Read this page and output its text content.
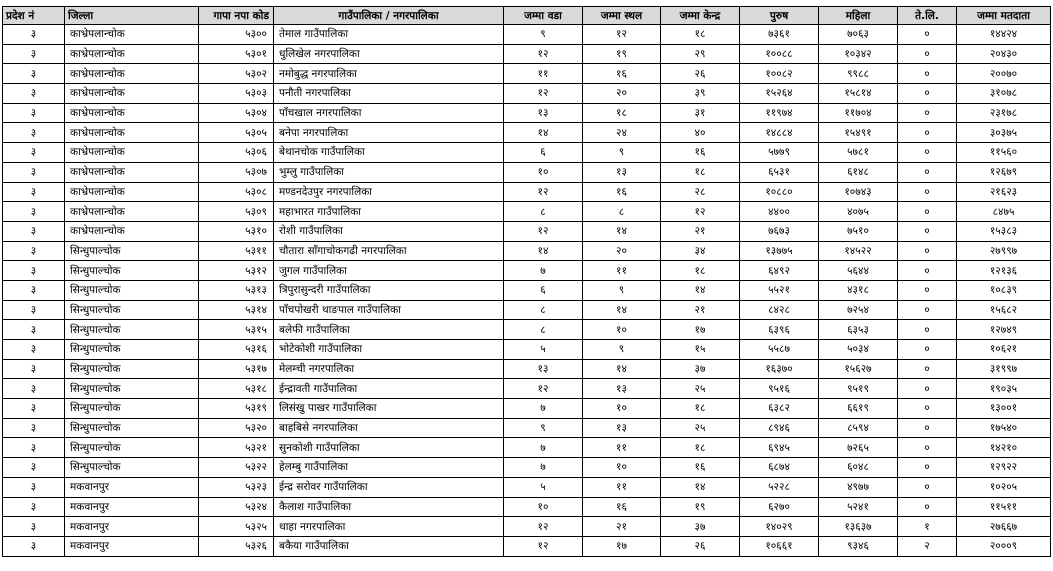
प्रदेश नं	जिल्ला	गापा नपा कोड	गाउँपालिका / नगरपालिका	जम्मा वडा	जम्मा स्थल	जम्मा केन्द्र	पुरुष	महिला	ते.लि.	जम्मा मतदाता
३	काभ्रेपलान्चोक	५३००	तेमाल गाउँपालिका	९	१२	१८	७३६१	७०६३	०	१४४२४
३	काभ्रेपलान्चोक	५३०१	धुलिखेल नगरपालिका	१२	१९	२९	१००८८	१०३४२	०	२०४३०
३	काभ्रेपलान्चोक	५३०२	नमोबुद्ध नगरपालिका	११	१६	२६	१००८२	९९८८	०	२००७०
३	काभ्रेपलान्चोक	५३०३	पनौती नगरपालिका	१२	२०	३९	१५२६४	१५८१४	०	३१०७८
३	काभ्रेपलान्चोक	५३०४	पाँचखाल नगरपालिका	१३	१८	३१	११९७४	११७०४	०	२३१७८
३	काभ्रेपलान्चोक	५३०५	बनेपा नगरपालिका	१४	२४	४०	१४८८४	१५४९१	०	३०३७५
३	काभ्रेपलान्चोक	५३०६	बेथानचोक गाउँपालिका	६	९	१६	५७७९	५७८१	०	११५६०
३	काभ्रेपलान्चोक	५३०७	भुम्लु गाउँपालिका	१०	१३	१८	६५३१	६१४८	०	१२६७९
३	काभ्रेपलान्चोक	५३०८	मण्डनदेउपुर नगरपालिका	१२	१६	२८	१०८८०	१०७४३	०	२१६२३
३	काभ्रेपलान्चोक	५३०९	महाभारत गाउँपालिका	८	८	१२	४४००	४०७५	०	८४७५
३	काभ्रेपलान्चोक	५३१०	रोशी गाउँपालिका	१२	१४	२१	७६७३	७५१०	०	१५३८३
३	सिन्धुपाल्चोक	५३११	चौतारा साँगाचोकगढी नगरपालिका	१४	२०	३४	१३७७५	१४५२२	०	२७९९७
३	सिन्धुपाल्चोक	५३१२	जुगल गाउँपालिका	७	११	१८	६४९२	५६४४	०	१२१३६
३	सिन्धुपाल्चोक	५३१३	त्रिपुरासुन्दरी गाउँपालिका	६	९	१४	५५२१	४३१८	०	१०८३९
३	सिन्धुपाल्चोक	५३१४	पाँचपोखरी थाङपाल गाउँपालिका	८	१४	२१	८४२८	७२५४	०	१५६८२
३	सिन्धुपाल्चोक	५३१५	बलेफी गाउँपालिका	८	१०	१७	६३९६	६३५३	०	१२७४९
३	सिन्धुपाल्चोक	५३१६	भोटेकोशी गाउँपालिका	५	९	१५	५५८७	५०३४	०	१०६२१
३	सिन्धुपाल्चोक	५३१७	मेलम्ची नगरपालिका	१३	१४	३७	१६३७०	१५६२७	०	३१९९७
३	सिन्धुपाल्चोक	५३१८	ईन्द्रावती गाउँपालिका	१२	१३	२५	९५१६	९५१९	०	१९०३५
३	सिन्धुपाल्चोक	५३१९	लिसंखु पाखर गाउँपालिका	७	१०	१८	६३८२	६६१९	०	१३००१
३	सिन्धुपाल्चोक	५३२०	बाहबिसे नगरपालिका	९	१३	२५	८९४६	८५९४	०	१७५४०
३	सिन्धुपाल्चोक	५३२१	सुनकोशी गाउँपालिका	७	११	१८	६९४५	७२६५	०	१४२१०
३	सिन्धुपाल्चोक	५३२२	हेलम्बु गाउँपालिका	७	१०	१६	६८७४	६०४८	०	१२९२२
३	मकवानपुर	५३२३	ईन्द्र सरोवर गाउँपालिका	५	११	१४	५२२८	४९७७	०	१०२०५
३	मकवानपुर	५३२४	कैलाश गाउँपालिका	१०	१६	१९	६२७०	५२४१	०	११५११
३	मकवानपुर	५३२५	थाहा नगरपालिका	१२	२१	३७	१४०२९	१३६३७	१	२७६६७
३	मकवानपुर	५३२६	बकैया गाउँपालिका	१२	१७	२६	१०६६१	९३४६	२	२०००९
